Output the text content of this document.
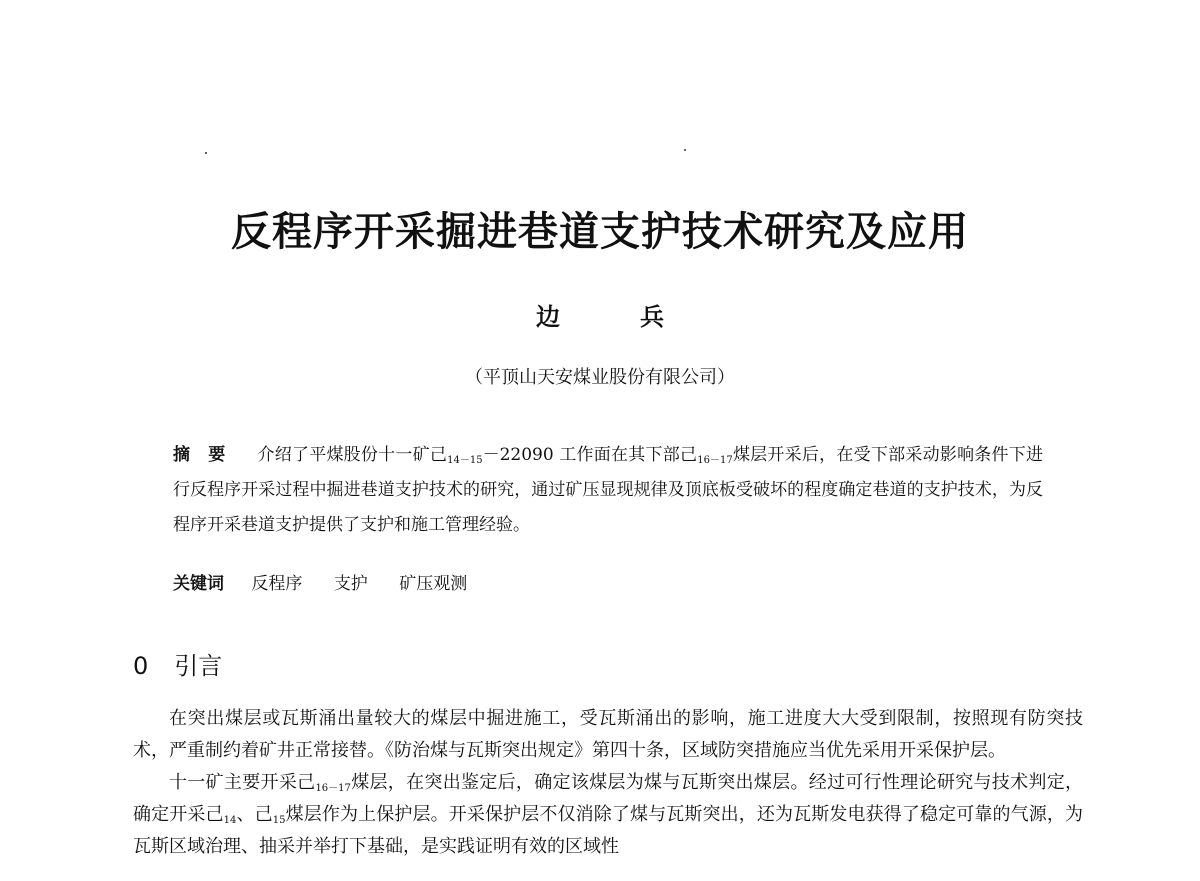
反程序开采掘进巷道支护技术研究及应用
边	兵
（平顶山天安煤业股份有限公司）
摘要 介绍了平煤股份十一矿己$_{14-15}$－22090 工作面在其下部己$_{16-17}$煤层开采后，在受下部采动影响条件下进行反程序开采过程中掘进巷道支护技术的研究，通过矿压显现规律及顶底板受破坏的程度确定巷道的支护技术，为反程序开采巷道支护提供了支护和施工管理经验。
关键词 反程序 支护 矿压观测
0 引言

在突出煤层或瓦斯涌出量较大的煤层中掘进施工，受瓦斯涌出的影响，施工进度大大受到限制，按照现有防突技术，严重制约着矿井正常接替。《防治煤与瓦斯突出规定》第四十条，区域防突措施应当优先采用开采保护层。

十一矿主要开采己$_{16-17}$煤层，在突出鉴定后，确定该煤层为煤与瓦斯突出煤层。经过可行性理论研究与技术判定，确定开采己$_{14}$、己$_{15}$煤层作为上保护层。开采保护层不仅消除了煤与瓦斯突出，还为瓦斯发电获得了稳定可靠的气源，为瓦斯区域治理、抽采并举打下基础，是实践证明有效的区域性
